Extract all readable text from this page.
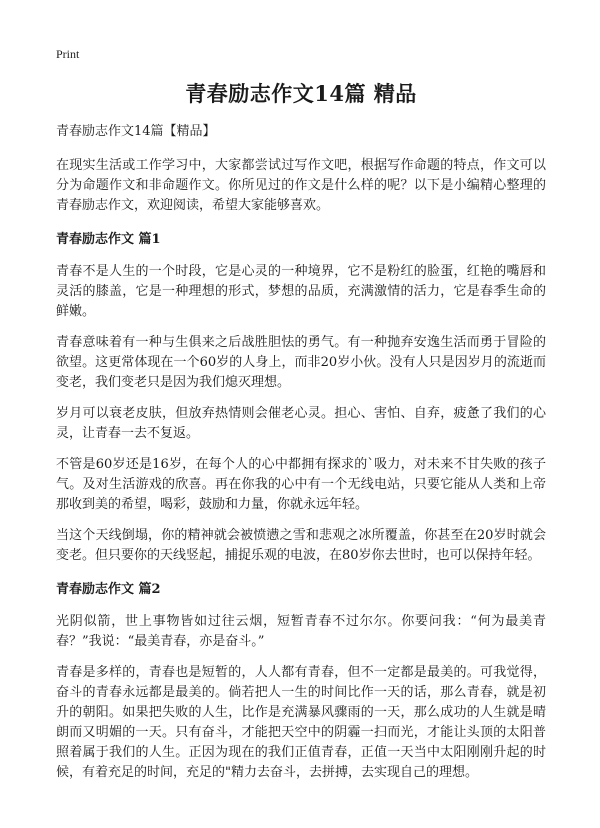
Print
青春励志作文14篇 精品
青春励志作文14篇【精品】

在现实生活或工作学习中，大家都尝试过写作文吧，根据写作命题的特点，作文可以分为命题作文和非命题作文。你所见过的作文是什么样的呢？以下是小编精心整理的青春励志作文，欢迎阅读，希望大家能够喜欢。

青春励志作文 篇1

青春不是人生的一个时段，它是心灵的一种境界，它不是粉红的脸蛋，红艳的嘴唇和灵活的膝盖，它是一种理想的形式，梦想的品质，充满激情的活力，它是春季生命的鲜嫩。

青春意味着有一种与生俱来之后战胜胆怯的勇气。有一种抛弃安逸生活而勇于冒险的欲望。这更常体现在一个60岁的人身上，而非20岁小伙。没有人只是因岁月的流逝而变老，我们变老只是因为我们熄灭理想。

岁月可以衰老皮肤，但放弃热情则会催老心灵。担心、害怕、自弃，疲惫了我们的心灵，让青春一去不复返。

不管是60岁还是16岁，在每个人的心中都拥有探求的`吸力，对未来不甘失败的孩子气。及对生活游戏的欣喜。再在你我的心中有一个无线电站，只要它能从人类和上帝那收到美的希望，喝彩，鼓励和力量，你就永远年轻。

当这个天线倒塌，你的精神就会被愤懑之雪和悲观之冰所覆盖，你甚至在20岁时就会变老。但只要你的天线竖起，捕捉乐观的电波，在80岁你去世时，也可以保持年轻。

青春励志作文 篇2

光阴似箭，世上事物皆如过往云烟，短暂青春不过尔尔。你要问我：“何为最美青春？”我说：“最美青春，亦是奋斗。”

青春是多样的，青春也是短暂的，人人都有青春，但不一定都是最美的。可我觉得，奋斗的青春永远都是最美的。倘若把人一生的时间比作一天的话，那么青春，就是初升的朝阳。如果把失败的人生，比作是充满暴风骤雨的一天，那么成功的人生就是晴朗而又明媚的一天。只有奋斗，才能把天空中的阴霾一扫而光，才能让头顶的太阳普照着属于我们的人生。正因为现在的我们正值青春，正值一天当中太阳刚刚升起的时候，有着充足的时间，充足的"精力去奋斗，去拼搏，去实现自己的理想。
